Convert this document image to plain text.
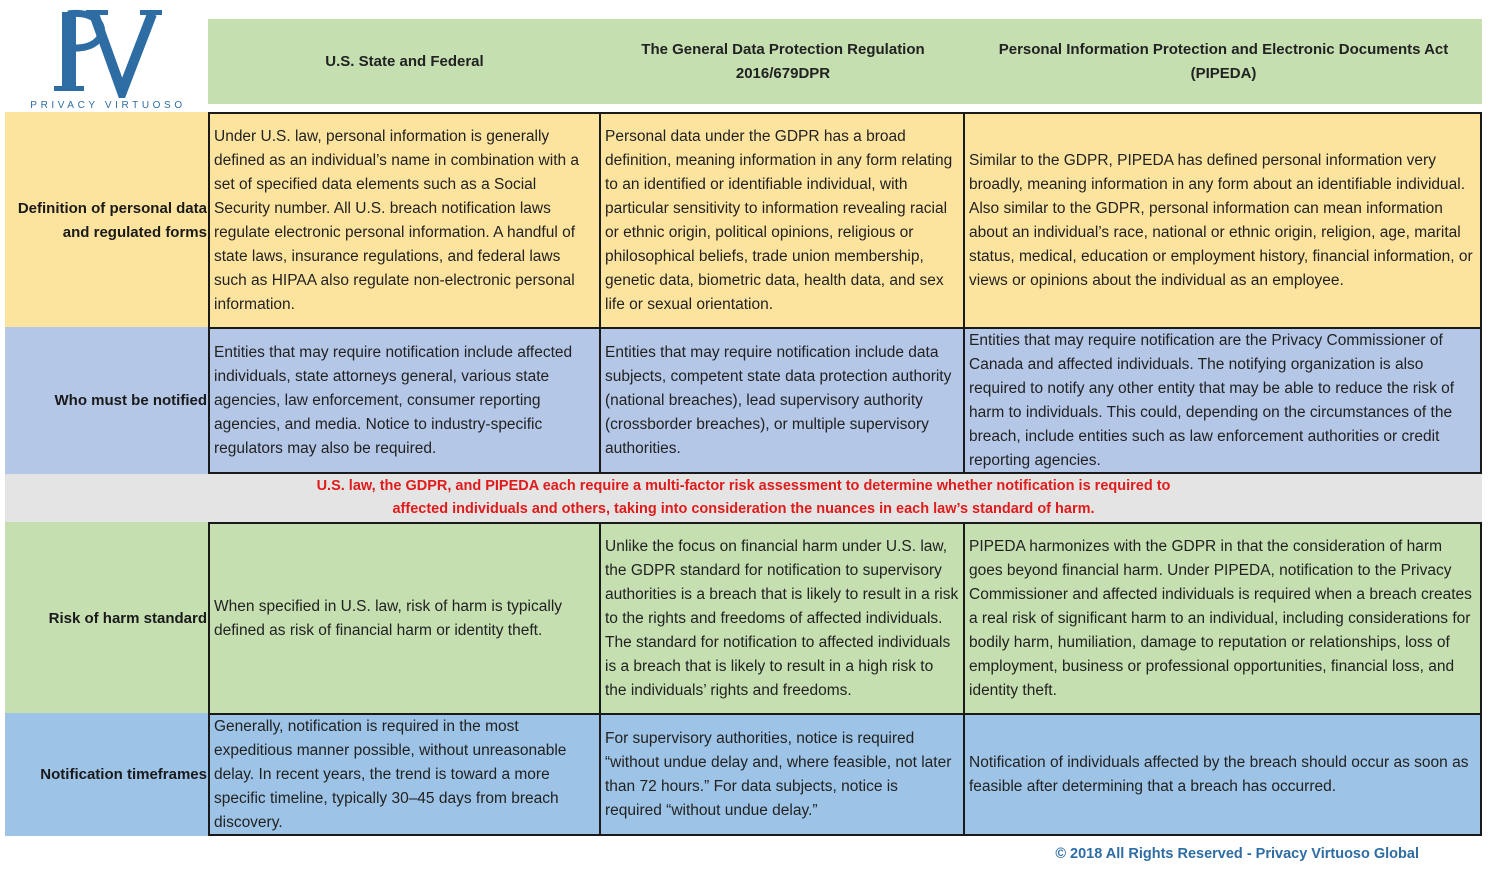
PRIVACY VIRTUOSO
U.S. State and Federal
The General Data Protection Regulation 2016/679DPR
Personal Information Protection and Electronic Documents Act (PIPEDA)
Definition of personal data and regulated forms
Under U.S. law, personal information is generally defined as an individual’s name in combination with a set of specified data elements such as a Social Security number. All U.S. breach notification laws regulate electronic personal information. A handful of state laws, insurance regulations, and federal laws such as HIPAA also regulate non-electronic personal information.
Personal data under the GDPR has a broad definition, meaning information in any form relating to an identified or identifiable individual, with particular sensitivity to information revealing racial or ethnic origin, political opinions, religious or philosophical beliefs, trade union membership, genetic data, biometric data, health data, and sex life or sexual orientation.
Similar to the GDPR, PIPEDA has defined personal information very broadly, meaning information in any form about an identifiable individual. Also similar to the GDPR, personal information can mean information about an individual’s race, national or ethnic origin, religion, age, marital status, medical, education or employment history, financial information, or views or opinions about the individual as an employee.
Who must be notified
Entities that may require notification include affected individuals, state attorneys general, various state agencies, law enforcement, consumer reporting agencies, and media. Notice to industry-specific regulators may also be required.
Entities that may require notification include data subjects, competent state data protection authority (national breaches), lead supervisory authority (crossborder breaches), or multiple supervisory authorities.
Entities that may require notification are the Privacy Commissioner of Canada and affected individuals. The notifying organization is also required to notify any other entity that may be able to reduce the risk of harm to individuals. This could, depending on the circumstances of the breach, include entities such as law enforcement authorities or credit reporting agencies.
U.S. law, the GDPR, and PIPEDA each require a multi-factor risk assessment to determine whether notification is required to
affected individuals and others, taking into consideration the nuances in each law’s standard of harm.
Risk of harm standard
When specified in U.S. law, risk of harm is typically defined as risk of financial harm or identity theft.
Unlike the focus on financial harm under U.S. law, the GDPR standard for notification to supervisory authorities is a breach that is likely to result in a risk to the rights and freedoms of affected individuals. The standard for notification to affected individuals is a breach that is likely to result in a high risk to the individuals’ rights and freedoms.
PIPEDA harmonizes with the GDPR in that the consideration of harm goes beyond financial harm. Under PIPEDA, notification to the Privacy Commissioner and affected individuals is required when a breach creates a real risk of significant harm to an individual, including considerations for bodily harm, humiliation, damage to reputation or relationships, loss of employment, business or professional opportunities, financial loss, and identity theft.
Notification timeframes
Generally, notification is required in the most expeditious manner possible, without unreasonable delay. In recent years, the trend is toward a more specific timeline, typically 30–45 days from breach discovery.
For supervisory authorities, notice is required “without undue delay and, where feasible, not later than 72 hours.” For data subjects, notice is required “without undue delay.”
Notification of individuals affected by the breach should occur as soon as feasible after determining that a breach has occurred.
© 2018 All Rights Reserved - Privacy Virtuoso Global
